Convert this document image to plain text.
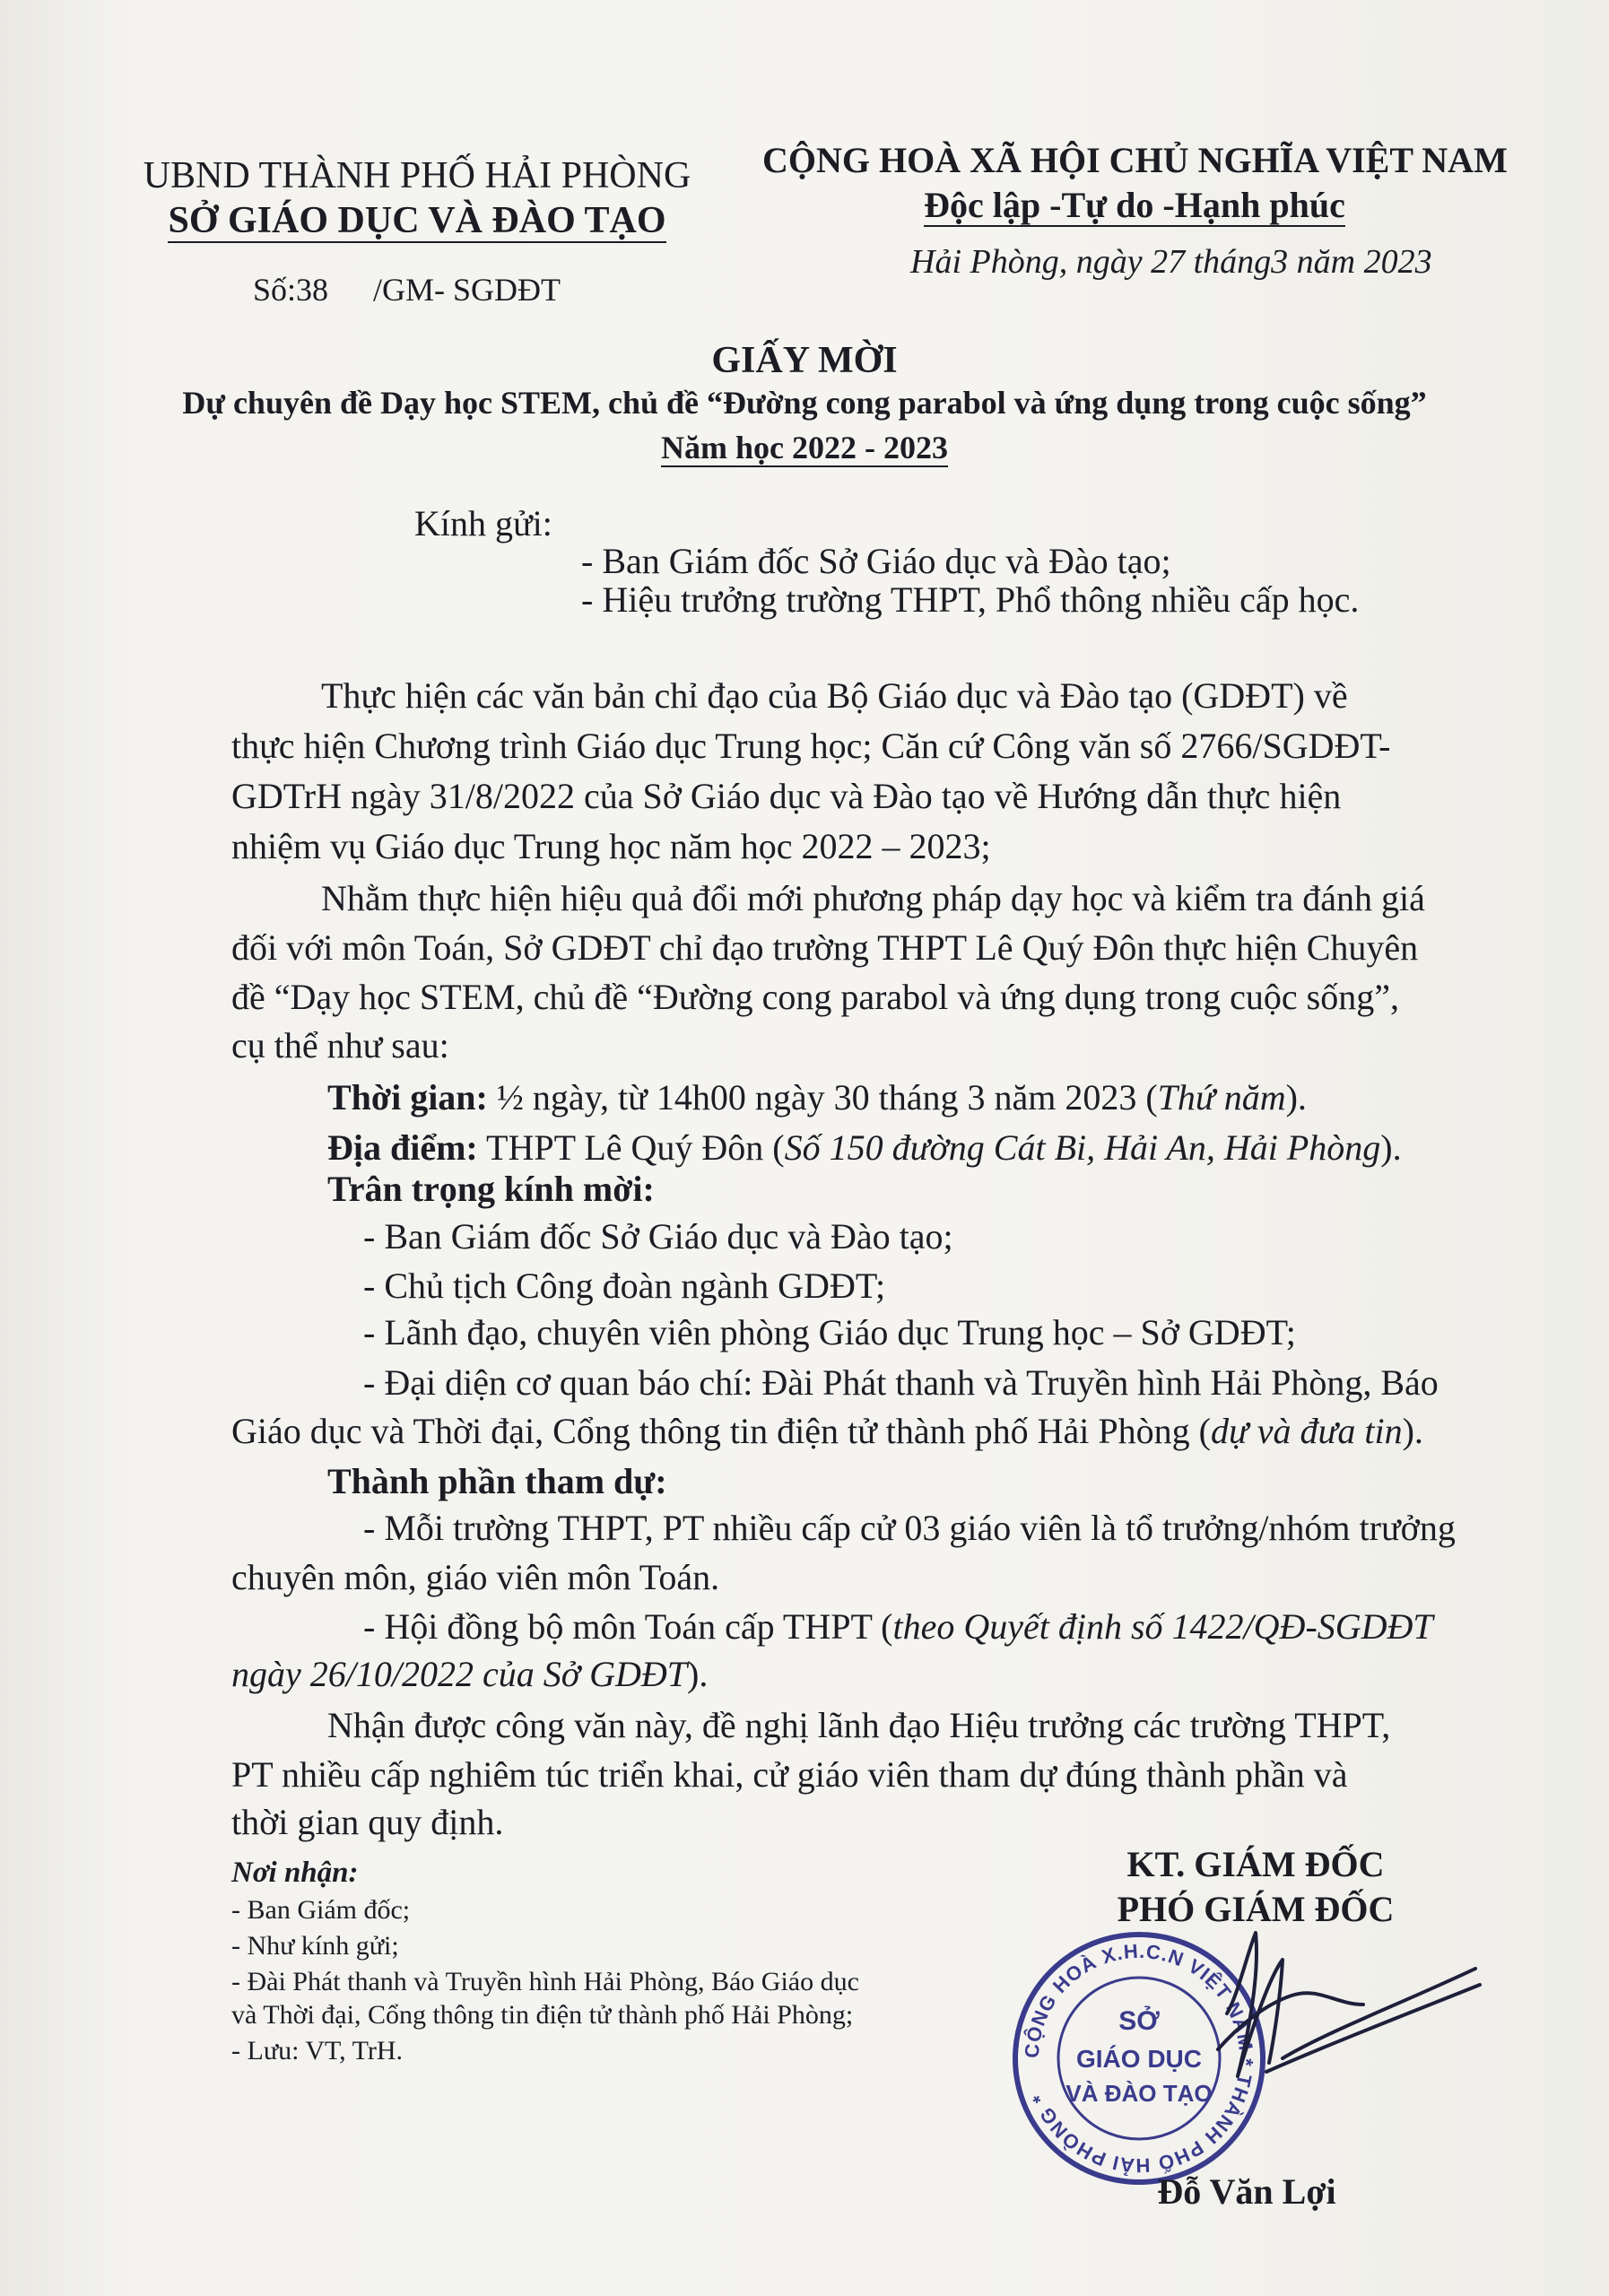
UBND THÀNH PHỐ HẢI PHÒNG
SỞ GIÁO DỤC VÀ ĐÀO TẠO
Số:38 /GM- SGDĐT
CỘNG HOÀ XÃ HỘI CHỦ NGHĨA VIỆT NAM
Độc lập -Tự do -Hạnh phúc
Hải Phòng, ngày 27 tháng3 năm 2023
GIẤY MỜI
Dự chuyên đề Dạy học STEM, chủ đề “Đường cong parabol và ứng dụng trong cuộc sống”
Năm học 2022 - 2023
Kính gửi:
- Ban Giám đốc Sở Giáo dục và Đào tạo;
- Hiệu trưởng trường THPT, Phổ thông nhiều cấp học.
Thực hiện các văn bản chỉ đạo của Bộ Giáo dục và Đào tạo (GDĐT) về
thực hiện Chương trình Giáo dục Trung học; Căn cứ Công văn số 2766/SGDĐT-
GDTrH ngày 31/8/2022 của Sở Giáo dục và Đào tạo về Hướng dẫn thực hiện
nhiệm vụ Giáo dục Trung học năm học 2022 – 2023;
Nhằm thực hiện hiệu quả đổi mới phương pháp dạy học và kiểm tra đánh giá
đối với môn Toán, Sở GDĐT chỉ đạo trường THPT Lê Quý Đôn thực hiện Chuyên
đề “Dạy học STEM, chủ đề “Đường cong parabol và ứng dụng trong cuộc sống”,
cụ thể như sau:
Thời gian: ½ ngày, từ 14h00 ngày 30 tháng 3 năm 2023 (Thứ năm).
Địa điểm: THPT Lê Quý Đôn (Số 150 đường Cát Bi, Hải An, Hải Phòng).
Trân trọng kính mời:
- Ban Giám đốc Sở Giáo dục và Đào tạo;
- Chủ tịch Công đoàn ngành GDĐT;
- Lãnh đạo, chuyên viên phòng Giáo dục Trung học – Sở GDĐT;
- Đại diện cơ quan báo chí: Đài Phát thanh và Truyền hình Hải Phòng, Báo
Giáo dục và Thời đại, Cổng thông tin điện tử thành phố Hải Phòng (dự và đưa tin).
Thành phần tham dự:
- Mỗi trường THPT, PT nhiều cấp cử 03 giáo viên là tổ trưởng/nhóm trưởng
chuyên môn, giáo viên môn Toán.
- Hội đồng bộ môn Toán cấp THPT (theo Quyết định số 1422/QĐ-SGDĐT
ngày 26/10/2022 của Sở GDĐT).
Nhận được công văn này, đề nghị lãnh đạo Hiệu trưởng các trường THPT,
PT nhiều cấp nghiêm túc triển khai, cử giáo viên tham dự đúng thành phần và
thời gian quy định.
Nơi nhận:
- Ban Giám đốc;
- Như kính gửi;
- Đài Phát thanh và Truyền hình Hải Phòng, Báo Giáo dục
và Thời đại, Cổng thông tin điện tử thành phố Hải Phòng;
- Lưu: VT, TrH.
KT. GIÁM ĐỐC
PHÓ GIÁM ĐỐC
CỘNG HOÀ X.H.C.N VIỆT NAM * THÀNH PHỐ HẢI PHÒNG *
SỞ
GIÁO DỤC
VÀ ĐÀO TẠO
Đỗ Văn Lợi
